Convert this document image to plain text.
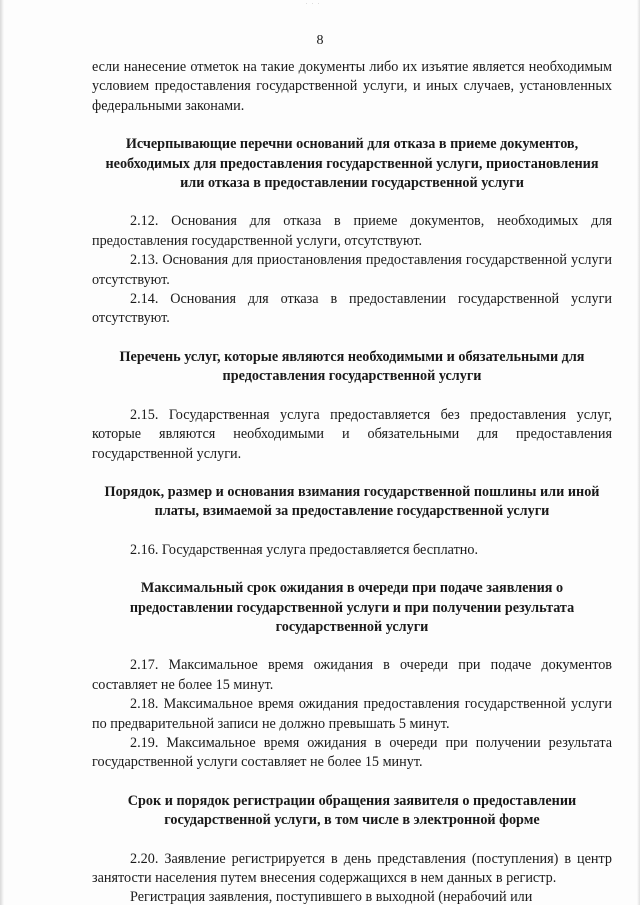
· · ·
8

если нанесение отметок на такие документы либо их изъятие является необходимым условием предоставления государственной услуги, и иных случаев, установленных федеральными законами.

Исчерпывающие перечни оснований для отказа в приеме документов, необходимых для предоставления государственной услуги, приостановления или отказа в предоставлении государственной услуги

2.12. Основания для отказа в приеме документов, необходимых для предоставления государственной услуги, отсутствуют.

2.13. Основания для приостановления предоставления государственной услуги отсутствуют.

2.14. Основания для отказа в предоставлении государственной услуги отсутствуют.

Перечень услуг, которые являются необходимыми и обязательными для предоставления государственной услуги

2.15. Государственная услуга предоставляется без предоставления услуг, которые являются необходимыми и обязательными для предоставления государственной услуги.

Порядок, размер и основания взимания государственной пошлины или иной платы, взимаемой за предоставление государственной услуги

2.16. Государственная услуга предоставляется бесплатно.

Максимальный срок ожидания в очереди при подаче заявления о предоставлении государственной услуги и при получении результата государственной услуги

2.17. Максимальное время ожидания в очереди при подаче документов составляет не более 15 минут.

2.18. Максимальное время ожидания предоставления государственной услуги по предварительной записи не должно превышать 5 минут.

2.19. Максимальное время ожидания в очереди при получении результата государственной услуги составляет не более 15 минут.

Срок и порядок регистрации обращения заявителя о предоставлении государственной услуги, в том числе в электронной форме

2.20. Заявление регистрируется в день представления (поступления) в центр занятости населения путем внесения содержащихся в нем данных в регистр.

Регистрация заявления, поступившего в выходной (нерабочий или
